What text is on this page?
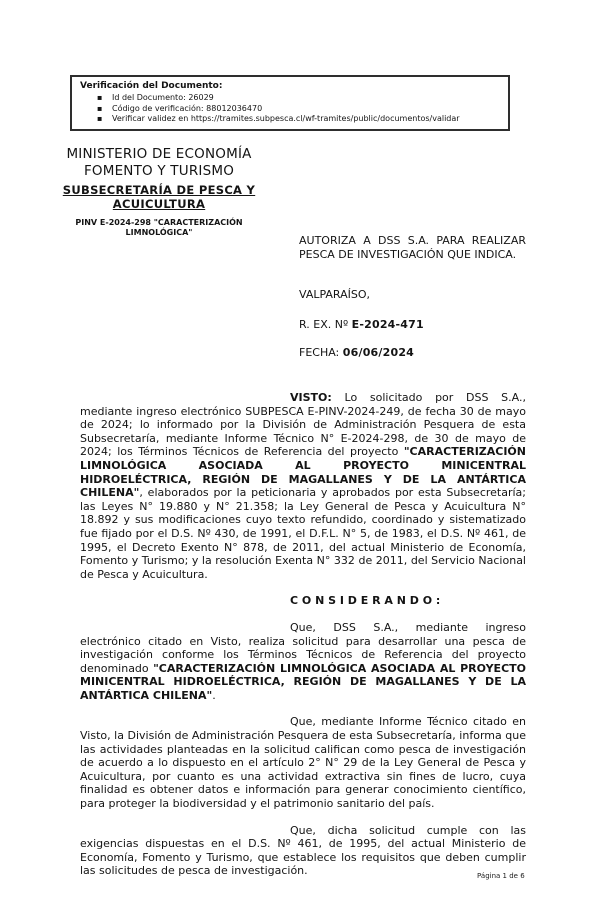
Verificación del Documento:
▪ Id del Documento: 26029
▪ Código de verificación: 88012036470
▪ Verificar validez en https://tramites.subpesca.cl/wf-tramites/public/documentos/validar
MINISTERIO DE ECONOMÍA
FOMENTO Y TURISMO
SUBSECRETARÍA DE PESCA Y ACUICULTURA
PINV E-2024-298 "CARACTERIZACIÓN LIMNOLÓGICA"

AUTORIZA A DSS S.A. PARA REALIZAR PESCA DE INVESTIGACIÓN QUE INDICA.

VALPARAÍSO,

R. EX. Nº E-2024-471

FECHA: 06/06/2024

VISTO: Lo solicitado por DSS S.A., mediante ingreso electrónico SUBPESCA E-PINV-2024-249, de fecha 30 de mayo de 2024; lo informado por la División de Administración Pesquera de esta Subsecretaría, mediante Informe Técnico N° E-2024-298, de 30 de mayo de 2024; los Términos Técnicos de Referencia del proyecto "CARACTERIZACIÓN LIMNOLÓGICA ASOCIADA AL PROYECTO MINICENTRAL HIDROELÉCTRICA, REGIÓN DE MAGALLANES Y DE LA ANTÁRTICA CHILENA", elaborados por la peticionaria y aprobados por esta Subsecretaría; las Leyes N° 19.880 y N° 21.358; la Ley General de Pesca y Acuicultura N° 18.892 y sus modificaciones cuyo texto refundido, coordinado y sistematizado fue fijado por el D.S. Nº 430, de 1991, el D.F.L. N° 5, de 1983, el D.S. Nº 461, de 1995, el Decreto Exento N° 878, de 2011, del actual Ministerio de Economía, Fomento y Turismo; y la resolución Exenta N° 332 de 2011, del Servicio Nacional de Pesca y Acuicultura.

C O N S I D E R A N D O :

Que, DSS S.A., mediante ingreso electrónico citado en Visto, realiza solicitud para desarrollar una pesca de investigación conforme los Términos Técnicos de Referencia del proyecto denominado "CARACTERIZACIÓN LIMNOLÓGICA ASOCIADA AL PROYECTO MINICENTRAL HIDROELÉCTRICA, REGIÓN DE MAGALLANES Y DE LA ANTÁRTICA CHILENA".

Que, mediante Informe Técnico citado en Visto, la División de Administración Pesquera de esta Subsecretaría, informa que las actividades planteadas en la solicitud califican como pesca de investigación de acuerdo a lo dispuesto en el artículo 2° N° 29 de la Ley General de Pesca y Acuicultura, por cuanto es una actividad extractiva sin fines de lucro, cuya finalidad es obtener datos e información para generar conocimiento científico, para proteger la biodiversidad y el patrimonio sanitario del país.

Que, dicha solicitud cumple con las exigencias dispuestas en el D.S. Nº 461, de 1995, del actual Ministerio de Economía, Fomento y Turismo, que establece los requisitos que deben cumplir las solicitudes de pesca de investigación.	Página 1 de 6
